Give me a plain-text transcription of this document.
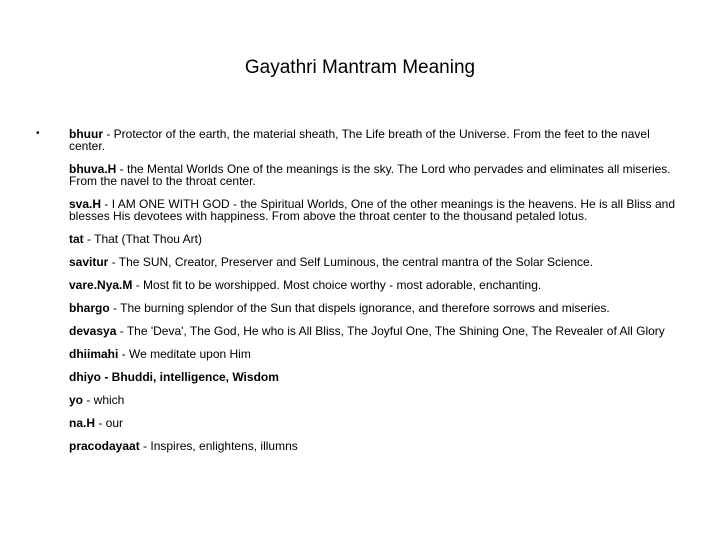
Gayathri Mantram Meaning
• bhuur - Protector of the earth, the material sheath, The Life breath of the Universe. From the feet to the navel center.
bhuva.H - the Mental Worlds One of the meanings is the sky. The Lord who pervades and eliminates all miseries. From the navel to the throat center.
sva.H - I AM ONE WITH GOD - the Spiritual Worlds, One of the other meanings is the heavens. He is all Bliss and blesses His devotees with happiness. From above the throat center to the thousand petaled lotus.
tat - That (That Thou Art)
savitur - The SUN, Creator, Preserver and Self Luminous, the central mantra of the Solar Science.
vare.Nya.M - Most fit to be worshipped. Most choice worthy - most adorable, enchanting.
bhargo - The burning splendor of the Sun that dispels ignorance, and therefore sorrows and miseries.
devasya - The 'Deva', The God, He who is All Bliss, The Joyful One, The Shining One, The Revealer of All Glory
dhiimahi - We meditate upon Him
dhiyo - Bhuddi, intelligence, Wisdom
yo - which
na.H - our
pracodayaat - Inspires, enlightens, illumns
